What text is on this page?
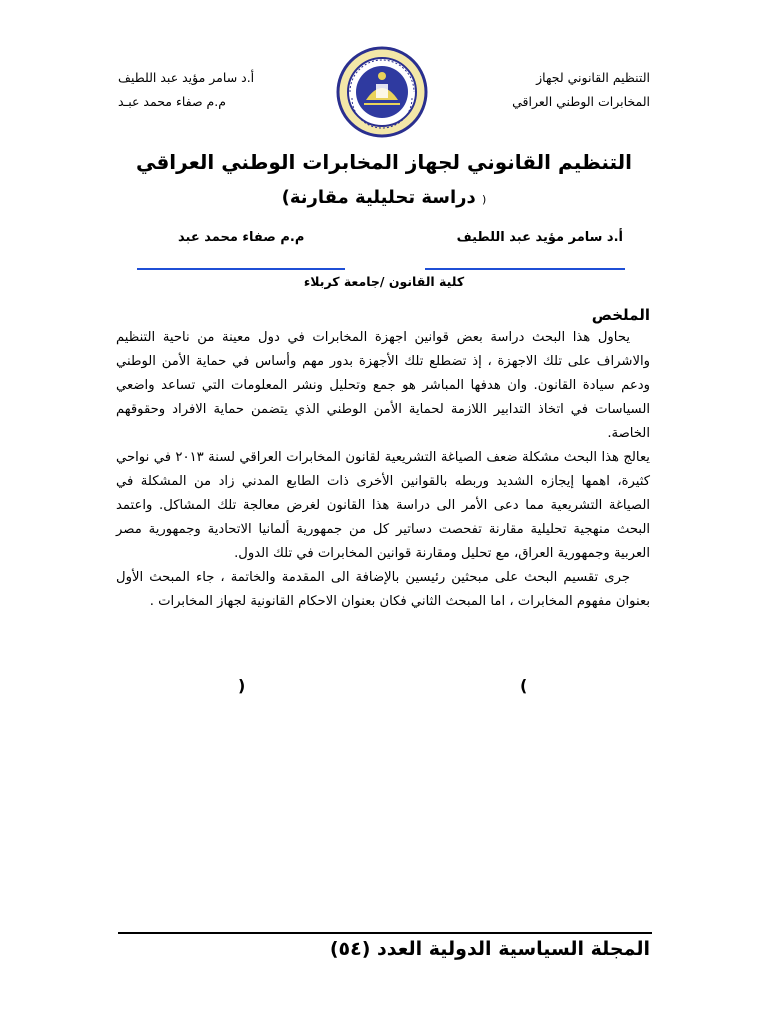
التنظيم القانوني لجهاز
المخابرات الوطني العراقي
أ.د سامر مؤيد عبد اللطيف
م.م صفاء محمد عبـد
التنظيم القانوني لجهاز المخابرات الوطني العراقي
( دراسة تحليلية مقارنة)
أ.د سامر مؤيد عبد اللطيف
م.م صفاء محمد عبد
كلية القانون /جامعة كربلاء
الملخص

يحاول هذا البحث دراسة بعض قوانين اجهزة المخابرات في دول معينة من ناحية التنظيم والاشراف على تلك الاجهزة ، إذ تضطلع تلك الأجهزة بدور مهم وأساس في حماية الأمن الوطني ودعم سيادة القانون. وان هدفها المباشر هو جمع وتحليل ونشر المعلومات التي تساعد واضعي السياسات في اتخاذ التدابير اللازمة لحماية الأمن الوطني الذي يتضمن حماية الافراد وحقوقهم الخاصة.

يعالج هذا البحث مشكلة ضعف الصياغة التشريعية لقانون المخابرات العراقي لسنة ٢٠١٣ في نواحي كثيرة، اهمها إيجازه الشديد وربطه بالقوانين الأخرى ذات الطابع المدني زاد من المشكلة في الصياغة التشريعية مما دعى الأمر الى دراسة هذا القانون لغرض معالجة تلك المشاكل. واعتمد البحث منهجية تحليلية مقارنة تفحصت دساتير كل من جمهورية ألمانيا الاتحادية وجمهورية مصر العربية وجمهورية العراق، مع تحليل ومقارنة قوانين المخابرات في تلك الدول.

جرى تقسيم البحث على مبحثين رئيسين بالإضافة الى المقدمة والخاتمة ، جاء المبحث الأول بعنوان مفهوم المخابرات ، اما المبحث الثاني فكان بعنوان الاحكام القانونية لجهاز المخابرات .

)
(
المجلة السياسية الدولية العدد (٥٤)
